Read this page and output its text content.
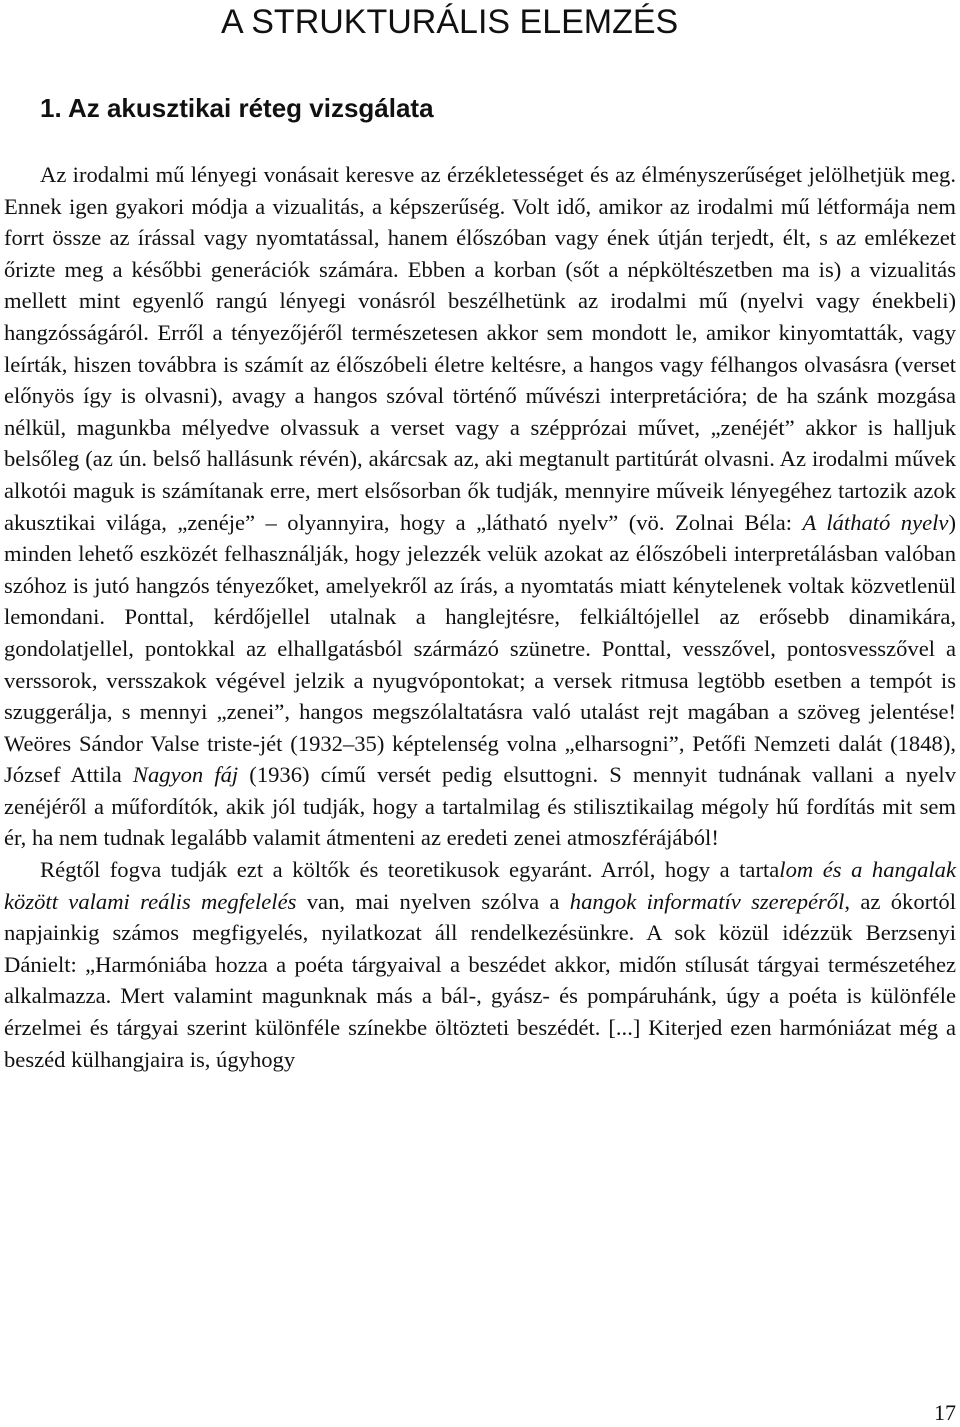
A STRUKTURÁLIS ELEMZÉS
1. Az akusztikai réteg vizsgálata

Az irodalmi mű lényegi vonásait keresve az érzékletességet és az élményszerűséget jelölhetjük meg. Ennek igen gyakori módja a vizualitás, a képszerűség. Volt idő, amikor az irodalmi mű létformája nem forrt össze az írással vagy nyomtatással, hanem élőszóban vagy ének útján terjedt, élt, s az emlékezet őrizte meg a későbbi generációk számára. Ebben a korban (sőt a népköltészetben ma is) a vizualitás mellett mint egyenlő rangú lényegi vonásról beszélhetünk az irodalmi mű (nyelvi vagy énekbeli) hangzósságáról. Erről a tényezőjéről természetesen akkor sem mondott le, amikor kinyomtatták, vagy leírták, hiszen továbbra is számít az élőszóbeli életre keltésre, a hangos vagy félhangos olvasásra (verset előnyös így is olvasni), avagy a hangos szóval történő művészi interpretációra; de ha szánk mozgása nélkül, magunkba mélyedve olvassuk a verset vagy a szépprózai művet, „zenéjét” akkor is halljuk belsőleg (az ún. belső hallásunk révén), akárcsak az, aki megtanult partitúrát olvasni. Az irodalmi művek alkotói maguk is számítanak erre, mert elsősorban ők tudják, mennyire műveik lényegéhez tartozik azok akusztikai világa, „zenéje” – olyannyira, hogy a „látható nyelv” (vö. Zolnai Béla: A látható nyelv) minden lehető eszközét felhasználják, hogy jelezzék velük azokat az élőszóbeli interpretálásban valóban szóhoz is jutó hangzós tényezőket, amelyekről az írás, a nyomtatás miatt kénytelenek voltak közvetlenül lemondani. Ponttal, kérdőjellel utalnak a hanglejtésre, felkiáltójellel az erősebb dinamikára, gondolatjellel, pontokkal az elhallgatásból szármázó szünetre. Ponttal, vesszővel, pontosvesszővel a verssorok, versszakok végével jelzik a nyugvópontokat; a versek ritmusa legtöbb esetben a tempót is szuggerálja, s mennyi „zenei”, hangos megszólaltatásra való utalást rejt magában a szöveg jelentése! Weöres Sándor Valse triste-jét (1932–35) képtelenség volna „elharsogni”, Petőfi Nemzeti dalát (1848), József Attila Nagyon fáj (1936) című versét pedig elsuttogni. S mennyit tudnának vallani a nyelv zenéjéről a műfordítók, akik jól tudják, hogy a tartalmilag és stilisztikailag mégoly hű fordítás mit sem ér, ha nem tudnak legalább valamit átmenteni az eredeti zenei atmoszférájából!

Régtől fogva tudják ezt a költők és teoretikusok egyaránt. Arról, hogy a tartalom és a hangalak között valami reális megfelelés van, mai nyelven szólva a hangok informatív szerepéről, az ókortól napjainkig számos megfigyelés, nyilatkozat áll rendelkezésünkre. A sok közül idézzük Berzsenyi Dánielt: „Harmóniába hozza a poéta tárgyaival a beszédet akkor, midőn stílusát tárgyai természetéhez alkalmazza. Mert valamint magunknak más a bál-, gyász- és pompáruhánk, úgy a poéta is különféle érzelmei és tárgyai szerint különféle színekbe öltözteti beszédét. [...] Kiterjed ezen harmóniázat még a beszéd külhangjaira is, úgyhogy

17
